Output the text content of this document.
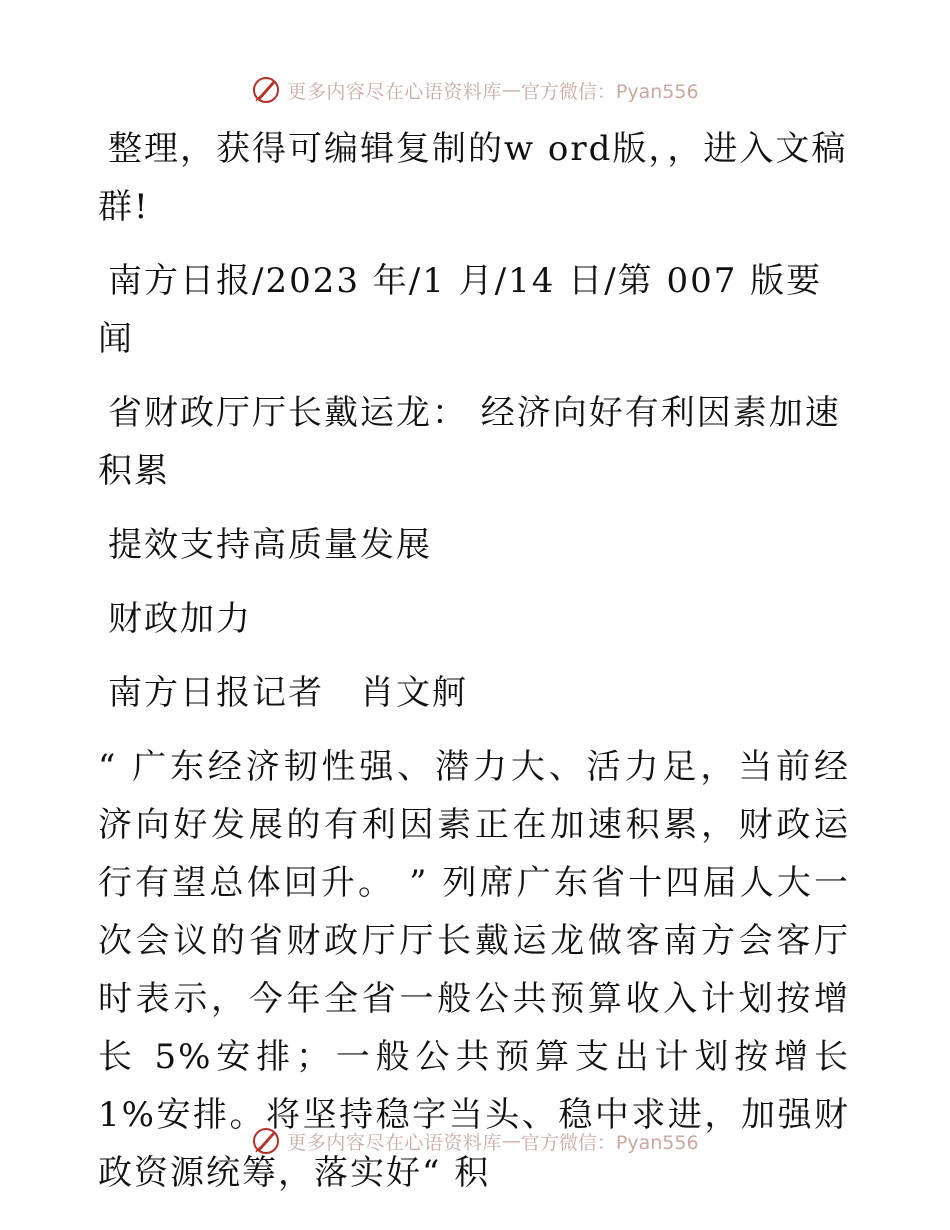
更多内容尽在心语资料库 — 官方微信：Pyan556

整理，获得可编辑复制的w ord版，，进入文稿群!

南方日报/2023 年/1 月/14 日/第 007 版要闻

省财政厅厅长戴运龙： 经济向好有利因素加速积累

提效支持高质量发展

财政加力

南方日报记者　肖文舸

“ 广东经济韧性强、潜力大、活力足，当前经济向好发展的有利因素正在加速积累，财政运行有望总体回升。 ” 列席广东省十四届人大一次会议的省财政厅厅长戴运龙做客南方会客厅时表示，今年全省一般公共预算收入计划按增长 5%安排；一般公共预算支出计划按增长 1%安排。将坚持稳字当头、稳中求进，加强财政资源统筹，落实好“ 积

更多内容尽在心语资料库 — 官方微信：Pyan556
